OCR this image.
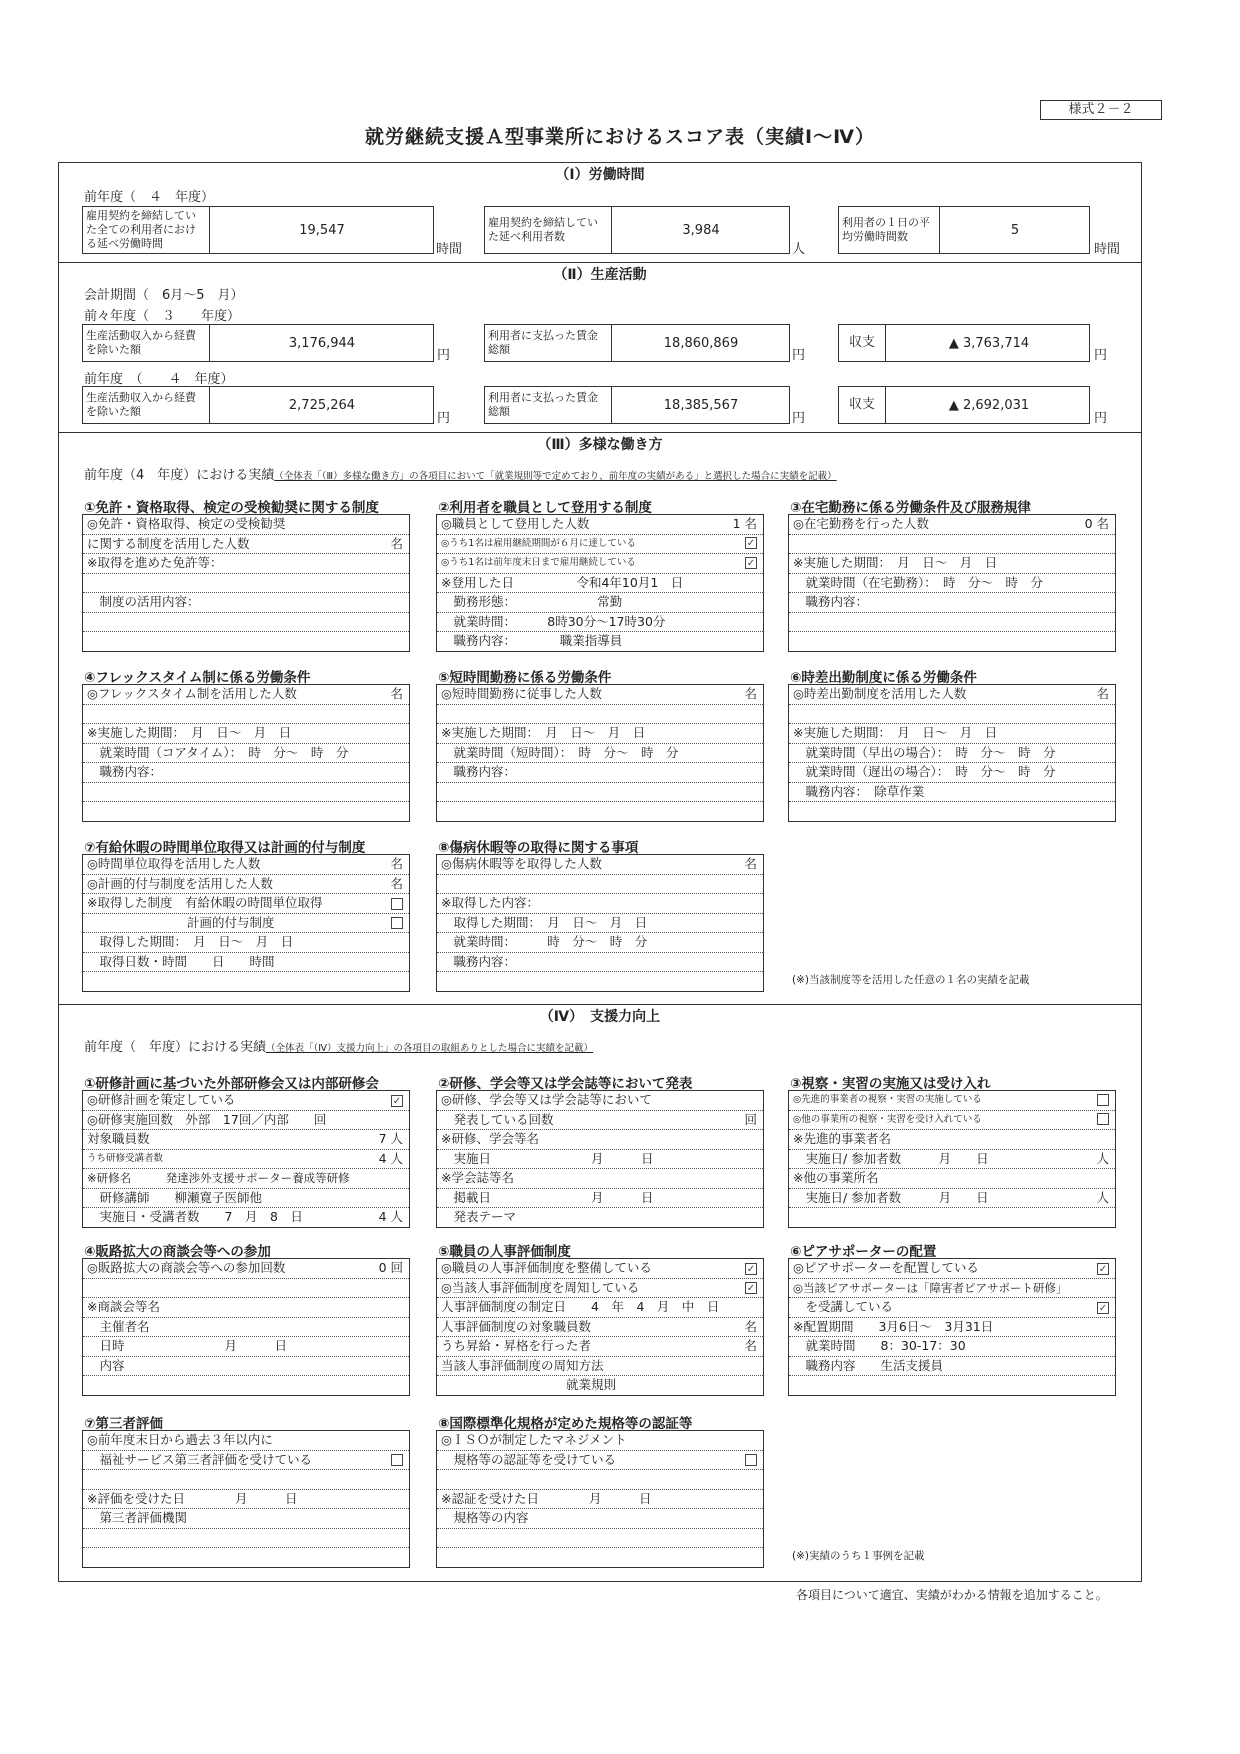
様式２－２
就労継続支援Ａ型事業所におけるスコア表（実績Ⅰ～Ⅳ）
（Ⅰ）労働時間
前年度（　４　年度）
雇用契約を締結していた全ての利用者における延べ労働時間
19,547
時間
雇用契約を締結していた延べ利用者数	3,984
人
利用者の１日の平均労働時間数	5
時間
（Ⅱ）生産活動
会計期間（　6月～5　月）
前々年度（　３　　年度）
生産活動収入から経費を除いた額	3,176,944
円
利用者に支払った賃金総額	18,860,869
円
収支	▲ 3,763,714
円
前年度　（　　４　年度）
生産活動収入から経費を除いた額	2,725,264
円
利用者に支払った賃金総額	18,385,567
円
収支	▲ 2,692,031
円
（Ⅲ）多様な働き方
前年度（4　年度）における実績（全体表「（Ⅲ）多様な働き方」の各項目において「就業規則等で定めており、前年度の実績がある」と選択した場合に実績を記載）
①免許・資格取得、検定の受検勧奨に関する制度
◎免許・資格取得、検定の受検勧奨
に関する制度を活用した人数	名
※取得を進めた免許等：
　制度の活用内容：
②利用者を職員として登用する制度
◎職員として登用した人数	1 名
◎うち1名は雇用継続期間が６月に達している	✓
◎うち1名は前年度末日まで雇用継続している	✓
※登用した日　　　　　令和4年10月1　日
　勤務形態：　　　　　　　常勤
　就業時間：　　　8時30分～17時30分
　職務内容：　　　　職業指導員
③在宅勤務に係る労働条件及び服務規律
◎在宅勤務を行った人数	0 名
※実施した期間：　月　日～　月　日
　就業時間（在宅勤務）：　時　分～　時　分
　職務内容：
④フレックスタイム制に係る労働条件
◎フレックスタイム制を活用した人数	名
※実施した期間：　月　日～　月　日
　就業時間（コアタイム）：　時　分～　時　分
　職務内容：
⑤短時間勤務に係る労働条件
◎短時間勤務に従事した人数	名
※実施した期間：　月　日～　月　日
　就業時間（短時間）：　時　分～　時　分
　職務内容：
⑥時差出勤制度に係る労働条件
◎時差出勤制度を活用した人数	名
※実施した期間：　月　日～　月　日
　就業時間（早出の場合）：　時　分～　時　分
　就業時間（遅出の場合）：　時　分～　時　分
　職務内容：　除草作業
⑦有給休暇の時間単位取得又は計画的付与制度
◎時間単位取得を活用した人数	名
◎計画的付与制度を活用した人数	名
※取得した制度　有給休暇の時間単位取得
　　　　　　　　計画的付与制度
　取得した期間：　月　日～　月　日
　取得日数・時間　　日　　時間
⑧傷病休暇等の取得に関する事項
◎傷病休暇等を取得した人数	名
※取得した内容：
　取得した期間：　月　日～　月　日
　就業時間：　　　時　分～　時　分
　職務内容：
(※)当該制度等を活用した任意の１名の実績を記載
（Ⅳ）　支援力向上
前年度（　年度）における実績（全体表「（Ⅳ）支援力向上」の各項目の取組ありとした場合に実績を記載）
①研修計画に基づいた外部研修会又は内部研修会
◎研修計画を策定している	✓
◎研修実施回数　外部　17回／内部　　回
対象職員数	7 人
うち研修受講者数	4 人
※研修名　　　発達渉外支援サポーター養成等研修
　研修講師　　柳瀬寛子医師他
　実施日・受講者数　　7　月　8　日	4 人
②研修、学会等又は学会誌等において発表
◎研修、学会等又は学会誌等において
　発表している回数	回
※研修、学会等名
　実施日　　　　　　　　月　　　日
※学会誌等名
　掲載日　　　　　　　　月　　　日
　発表テーマ
③視察・実習の実施又は受け入れ
◎先進的事業者の視察・実習の実施している
◎他の事業所の視察・実習を受け入れている
※先進的事業者名
　実施日/ 参加者数　　　月　　日	人
※他の事業所名
　実施日/ 参加者数　　　月　　日	人
④販路拡大の商談会等への参加
◎販路拡大の商談会等への参加回数	0 回
※商談会等名
　主催者名
　日時　　　　　　　　月　　　日
　内容
⑤職員の人事評価制度
◎職員の人事評価制度を整備している	✓
◎当該人事評価制度を周知している	✓
人事評価制度の制定日　　4　年　4　月　中　日
人事評価制度の対象職員数	名
うち昇給・昇格を行った者	名
当該人事評価制度の周知方法
　　　　　　　　　　就業規則
⑥ピアサポーターの配置
◎ピアサポーターを配置している	✓
◎当該ピアサポーターは「障害者ピアサポート研修」
　を受講している	✓
※配置期間　　3月6日～　3月31日
　就業時間　　8：30-17：30
　職務内容　　生活支援員
⑦第三者評価
◎前年度末日から過去３年以内に
　福祉サービス第三者評価を受けている
※評価を受けた日　　　　月　　　日
　第三者評価機関
⑧国際標準化規格が定めた規格等の認証等
◎ＩＳＯが制定したマネジメント
　規格等の認証等を受けている
※認証を受けた日　　　　月　　　日
　規格等の内容
(※)実績のうち１事例を記載
各項目について適宜、実績がわかる情報を追加すること。
